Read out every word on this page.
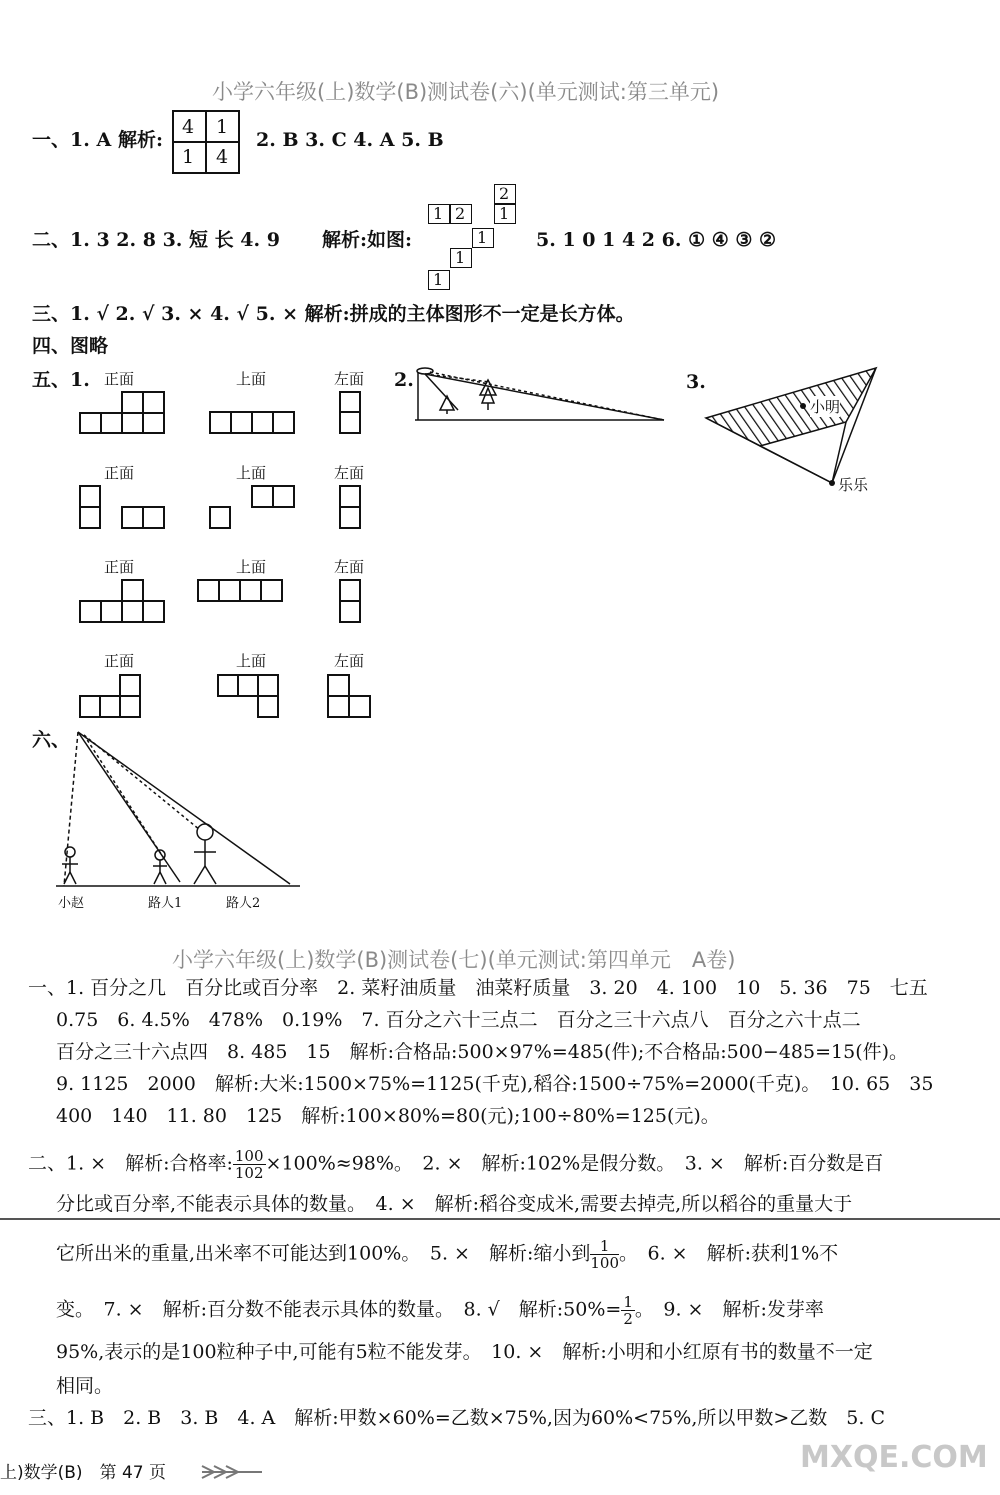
小学六年级(上)数学(B)测试卷(六)(单元测试:第三单元)
一、1. A 解析:
4 1
1 4
2. B 3. C 4. A 5. B
二、1. 3 2. 8 3. 短 长 4. 9 解析:如图:
2
1 2 1
1
1
1
5. 1 0 1 4 2 6. ① ④ ③ ②
三、1. √ 2. √ 3. × 4. √ 5. × 解析:拼成的主体图形不一定是长方体。
四、图略
五、1. 正面	上面	左面
正面	上面	左面
正面	上面	左面
正面	上面	左面
2.	3.
小明
乐乐
六、
小赵	路人1	路人2
小学六年级(上)数学(B)测试卷(七)(单元测试:第四单元　A卷)
一、1. 百分之几　百分比或百分率　2. 菜籽油质量　油菜籽质量　3. 20　4. 100　10　5. 36　75　七五
0.75　6. 4.5%　478%　0.19%　7. 百分之六十三点二　百分之三十六点八　百分之六十点二
百分之三十六点四　8. 485　15　解析:合格品:500×97%=485(件);不合格品:500−485=15(件)。
9. 1125　2000　解析:大米:1500×75%=1125(千克),稻谷:1500÷75%=2000(千克)。　10. 65　35
400　140　11. 80　125　解析:100×80%=80(元);100÷80%=125(元)。
二、1. ×　解析:合格率: $\frac{100}{102} \times 100\%\approx 98\%$。　2. ×　解析:102%是假分数。　3. ×　解析:百分数是百
分比或百分率,不能表示具体的数量。　4. ×　解析:稻谷变成米,需要去掉壳,所以稻谷的重量大于
它所出米的重量,出米率不可能达到100%。　5. ×　解析:缩小到 $\frac{1}{100}$ 。　6. ×　解析:获利1%不
变。　7. ×　解析:百分数不能表示具体的数量。　8. √　解析:50%= $\frac{1}{2}$ 。　9. ×　解析:发芽率
95%,表示的是100粒种子中,可能有5粒不能发芽。　10. ×　解析:小明和小红原有书的数量不一定
相同。
三、1. B　2. B　3. B　4. A　解析:甲数×60%=乙数×75%,因为60%<75%,所以甲数>乙数　5. C
上)数学(B)　第 47 页	MXQE.COM
